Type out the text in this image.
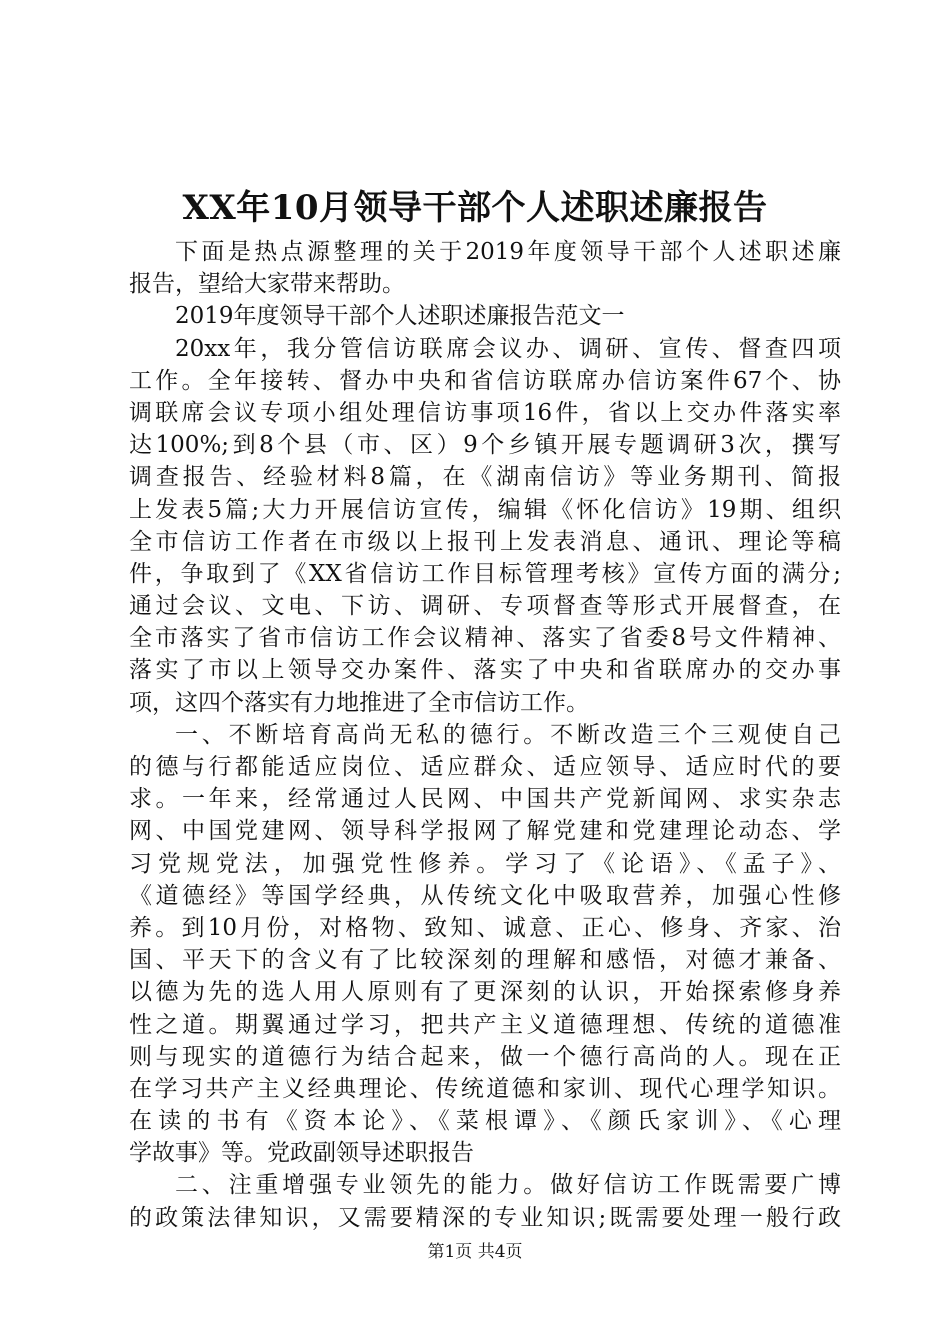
XX年10月领导干部个人述职述廉报告

下面是热点源整理的关于2019年度领导干部个人述职述廉
报告，望给大家带来帮助。

2019年度领导干部个人述职述廉报告范文一

20xx年，我分管信访联席会议办、调研、宣传、督查四项
工作。全年接转、督办中央和省信访联席办信访案件67个、协
调联席会议专项小组处理信访事项16件，省以上交办件落实率
达100%;到8个县（市、区）9个乡镇开展专题调研3次，撰写
调查报告、经验材料8篇，在《湖南信访》等业务期刊、简报
上发表5篇;大力开展信访宣传，编辑《怀化信访》19期、组织
全市信访工作者在市级以上报刊上发表消息、通讯、理论等稿
件，争取到了《XX省信访工作目标管理考核》宣传方面的满分;
通过会议、文电、下访、调研、专项督查等形式开展督查，在
全市落实了省市信访工作会议精神、落实了省委8号文件精神、
落实了市以上领导交办案件、落实了中央和省联席办的交办事
项，这四个落实有力地推进了全市信访工作。

一、不断培育高尚无私的德行。不断改造三个三观使自己
的德与行都能适应岗位、适应群众、适应领导、适应时代的要
求。一年来，经常通过人民网、中国共产党新闻网、求实杂志
网、中国党建网、领导科学报网了解党建和党建理论动态、学
习党规党法，加强党性修养。学习了《论语》、《孟子》、
《道德经》等国学经典，从传统文化中吸取营养，加强心性修
养。到10月份，对格物、致知、诚意、正心、修身、齐家、治
国、平天下的含义有了比较深刻的理解和感悟，对德才兼备、
以德为先的选人用人原则有了更深刻的认识，开始探索修身养
性之道。期翼通过学习，把共产主义道德理想、传统的道德准
则与现实的道德行为结合起来，做一个德行高尚的人。现在正
在学习共产主义经典理论、传统道德和家训、现代心理学知识。
在读的书有《资本论》、《菜根谭》、《颜氏家训》、《心理
学故事》等。党政副领导述职报告

二、注重增强专业领先的能力。做好信访工作既需要广博
的政策法律知识，又需要精深的专业知识;既需要处理一般行政

第1页 共4页
